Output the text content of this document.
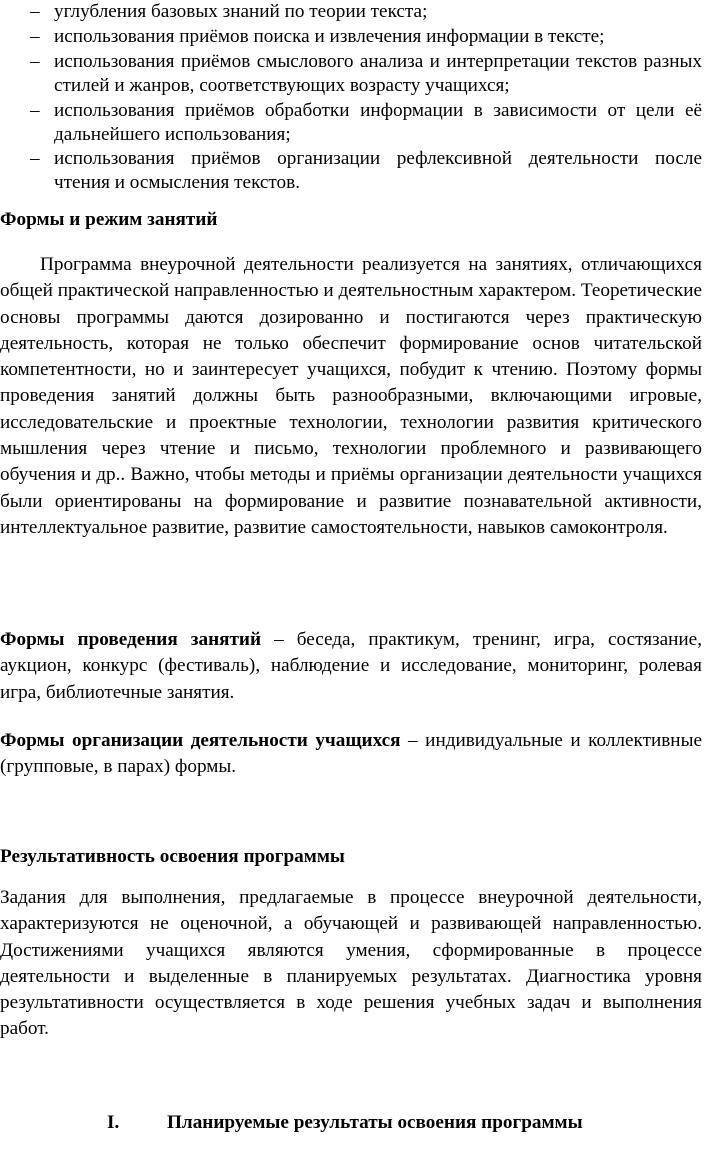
– углубления базовых знаний по теории текста;
– использования приёмов поиска и извлечения информации в тексте;
– использования приёмов смыслового анализа и интерпретации текстов разных стилей и жанров, соответствующих возрасту учащихся;
– использования приёмов обработки информации в зависимости от цели её дальнейшего использования;
– использования приёмов организации рефлексивной деятельности после чтения и осмысления текстов.
Формы и режим занятий
Программа внеурочной деятельности реализуется на занятиях, отличающихся общей практической направленностью и деятельностным характером. Теоретические основы программы даются дозированно и постигаются через практическую деятельность, которая не только обеспечит формирование основ читательской компетентности, но и заинтересует учащихся, побудит к чтению. Поэтому формы проведения занятий должны быть разнообразными, включающими игровые, исследовательские и проектные технологии, технологии развития критического мышления через чтение и письмо, технологии проблемного и развивающего обучения и др.. Важно, чтобы методы и приёмы организации деятельности учащихся были ориентированы на формирование и развитие познавательной активности, интеллектуальное развитие, развитие самостоятельности, навыков самоконтроля.
Формы проведения занятий – беседа, практикум, тренинг, игра, состязание, аукцион, конкурс (фестиваль), наблюдение и исследование, мониторинг, ролевая игра, библиотечные занятия.
Формы организации деятельности учащихся – индивидуальные и коллективные (групповые, в парах) формы.
Результативность освоения программы
Задания для выполнения, предлагаемые в процессе внеурочной деятельности, характеризуются не оценочной, а обучающей и развивающей направленностью. Достижениями учащихся являются умения, сформированные в процессе деятельности и выделенные в планируемых результатах. Диагностика уровня результативности осуществляется в ходе решения учебных задач и выполнения работ.
I. Планируемые результаты освоения программы
